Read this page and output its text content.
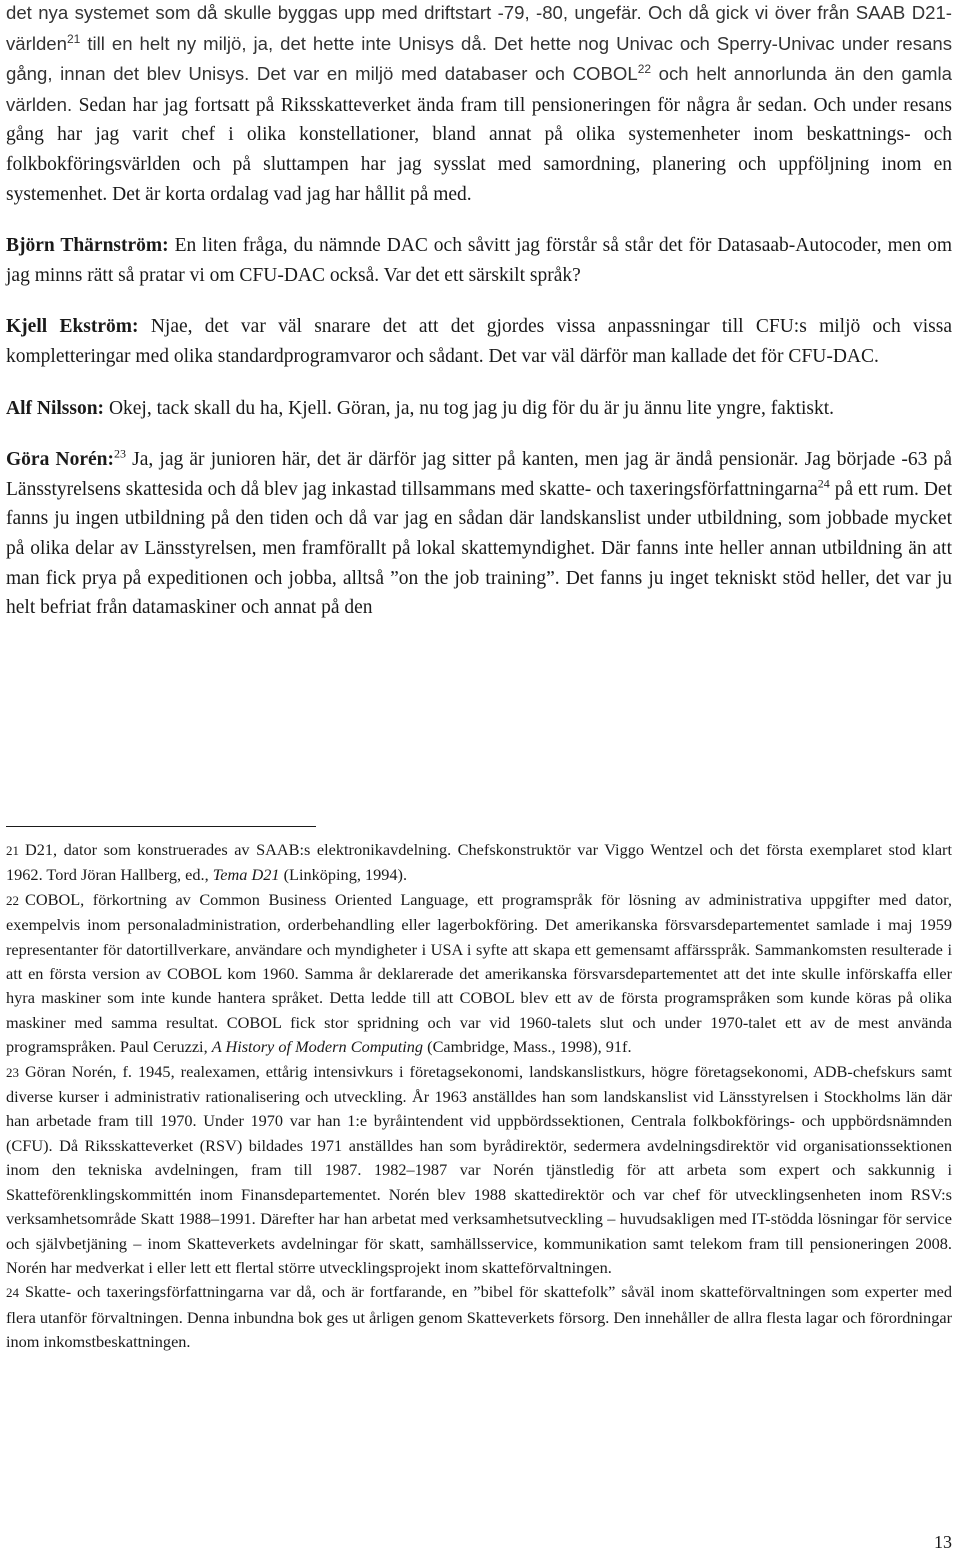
det nya systemet som då skulle byggas upp med driftstart -79, -80, ungefär. Och då gick vi över från SAAB D21-världen$^{21}$ till en helt ny miljö, ja, det hette inte Unisys då. Det hette nog Univac och Sperry-Univac under resans gång, innan det blev Unisys. Det var en miljö med databaser och COBOL$^{22}$ och helt annorlunda än den gamla världen. Sedan har jag fortsatt på Riksskatteverket ända fram till pensioneringen för några år sedan. Och under resans gång har jag varit chef i olika konstellationer, bland annat på olika systemenheter inom beskattnings- och folkbokföringsvärlden och på sluttampen har jag sysslat med samordning, planering och uppföljning inom en systemenhet. Det är korta ordalag vad jag har hållit på med.

Björn Thärnström: En liten fråga, du nämnde DAC och såvitt jag förstår så står det för Datasaab-Autocoder, men om jag minns rätt så pratar vi om CFU-DAC också. Var det ett särskilt språk?

Kjell Ekström: Njae, det var väl snarare det att det gjordes vissa anpassningar till CFU:s miljö och vissa kompletteringar med olika standardprogramvaror och sådant. Det var väl därför man kallade det för CFU-DAC.

Alf Nilsson: Okej, tack skall du ha, Kjell. Göran, ja, nu tog jag ju dig för du är ju ännu lite yngre, faktiskt.

Göra Norén:$^{23}$ Ja, jag är junioren här, det är därför jag sitter på kanten, men jag är ändå pensionär. Jag började -63 på Länsstyrelsens skattesida och då blev jag inkastad tillsammans med skatte- och taxeringsförfattningarna$^{24}$ på ett rum. Det fanns ju ingen utbildning på den tiden och då var jag en sådan där landskanslist under utbildning, som jobbade mycket på olika delar av Länsstyrelsen, men framförallt på lokal skattemyndighet. Där fanns inte heller annan utbildning än att man fick prya på expeditionen och jobba, alltså ”on the job training”. Det fanns ju inget tekniskt stöd heller, det var ju helt befriat från datamaskiner och annat på den

21 D21, dator som konstruerades av SAAB:s elektronikavdelning. Chefskonstruktör var Viggo Wentzel och det första exemplaret stod klart 1962. Tord Jöran Hallberg, ed., Tema D21 (Linköping, 1994).

22 COBOL, förkortning av Common Business Oriented Language, ett programspråk för lösning av administrativa uppgifter med dator, exempelvis inom personaladministration, orderbehandling eller lagerbokföring. Det amerikanska försvarsdepartementet samlade i maj 1959 representanter för datortillverkare, användare och myndigheter i USA i syfte att skapa ett gemensamt affärsspråk. Sammankomsten resulterade i att en första version av COBOL kom 1960. Samma år deklarerade det amerikanska försvarsdepartementet att det inte skulle införskaffa eller hyra maskiner som inte kunde hantera språket. Detta ledde till att COBOL blev ett av de första programspråken som kunde köras på olika maskiner med samma resultat. COBOL fick stor spridning och var vid 1960-talets slut och under 1970-talet ett av de mest använda programspråken. Paul Ceruzzi, A History of Modern Computing (Cambridge, Mass., 1998), 91f.

23 Göran Norén, f. 1945, realexamen, ettårig intensivkurs i företagsekonomi, landskanslistkurs, högre företagsekonomi, ADB-chefskurs samt diverse kurser i administrativ rationalisering och utveckling. År 1963 anställdes han som landskanslist vid Länsstyrelsen i Stockholms län där han arbetade fram till 1970. Under 1970 var han 1:e byråintendent vid uppbördssektionen, Centrala folkbokförings- och uppbördsnämnden (CFU). Då Riksskatteverket (RSV) bildades 1971 anställdes han som byrådirektör, sedermera avdelningsdirektör vid organisationssektionen inom den tekniska avdelningen, fram till 1987. 1982–1987 var Norén tjänstledig för att arbeta som expert och sakkunnig i Skatteförenklingskommittén inom Finansdepartementet. Norén blev 1988 skattedirektör och var chef för utvecklingsenheten inom RSV:s verksamhetsområde Skatt 1988–1991. Därefter har han arbetat med verksamhetsutveckling – huvudsakligen med IT-stödda lösningar för service och självbetjäning – inom Skatteverkets avdelningar för skatt, samhällsservice, kommunikation samt telekom fram till pensioneringen 2008. Norén har medverkat i eller lett ett flertal större utvecklingsprojekt inom skatteförvaltningen.

24 Skatte- och taxeringsförfattningarna var då, och är fortfarande, en ”bibel för skattefolk” såväl inom skatteförvaltningen som experter med flera utanför förvaltningen. Denna inbundna bok ges ut årligen genom Skatteverkets försorg. Den innehåller de allra flesta lagar och förordningar inom inkomstbeskattningen.

13
